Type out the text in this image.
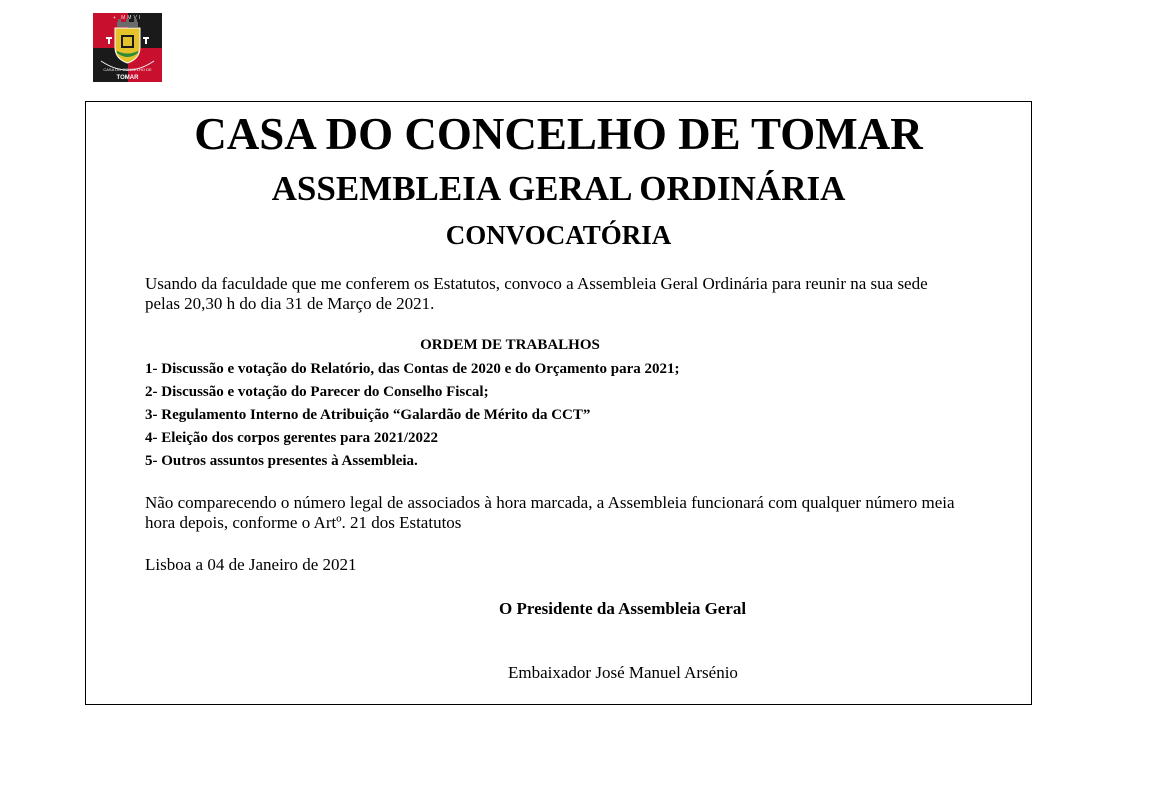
+ MMVI
CASA DO CONCELHO DE
TOMAR
CASA DO CONCELHO DE TOMAR
ASSEMBLEIA GERAL ORDINÁRIA
CONVOCATÓRIA

Usando da faculdade que me conferem os Estatutos, convoco a Assembleia Geral Ordinária para reunir na sua sede pelas 20,30 h do dia 31 de Março de 2021.

ORDEM DE TRABALHOS

1- Discussão e votação do Relatório, das Contas de 2020 e do Orçamento para 2021;
2- Discussão e votação do Parecer do Conselho Fiscal;
3- Regulamento Interno de Atribuição “Galardão de Mérito da CCT”
4- Eleição dos corpos gerentes para 2021/2022
5- Outros assuntos presentes à Assembleia.

Não comparecendo o número legal de associados à hora marcada, a Assembleia funcionará com qualquer número meia hora depois, conforme o Artº. 21 dos Estatutos

Lisboa a 04 de Janeiro de 2021

O Presidente da Assembleia Geral

Embaixador José Manuel Arsénio
